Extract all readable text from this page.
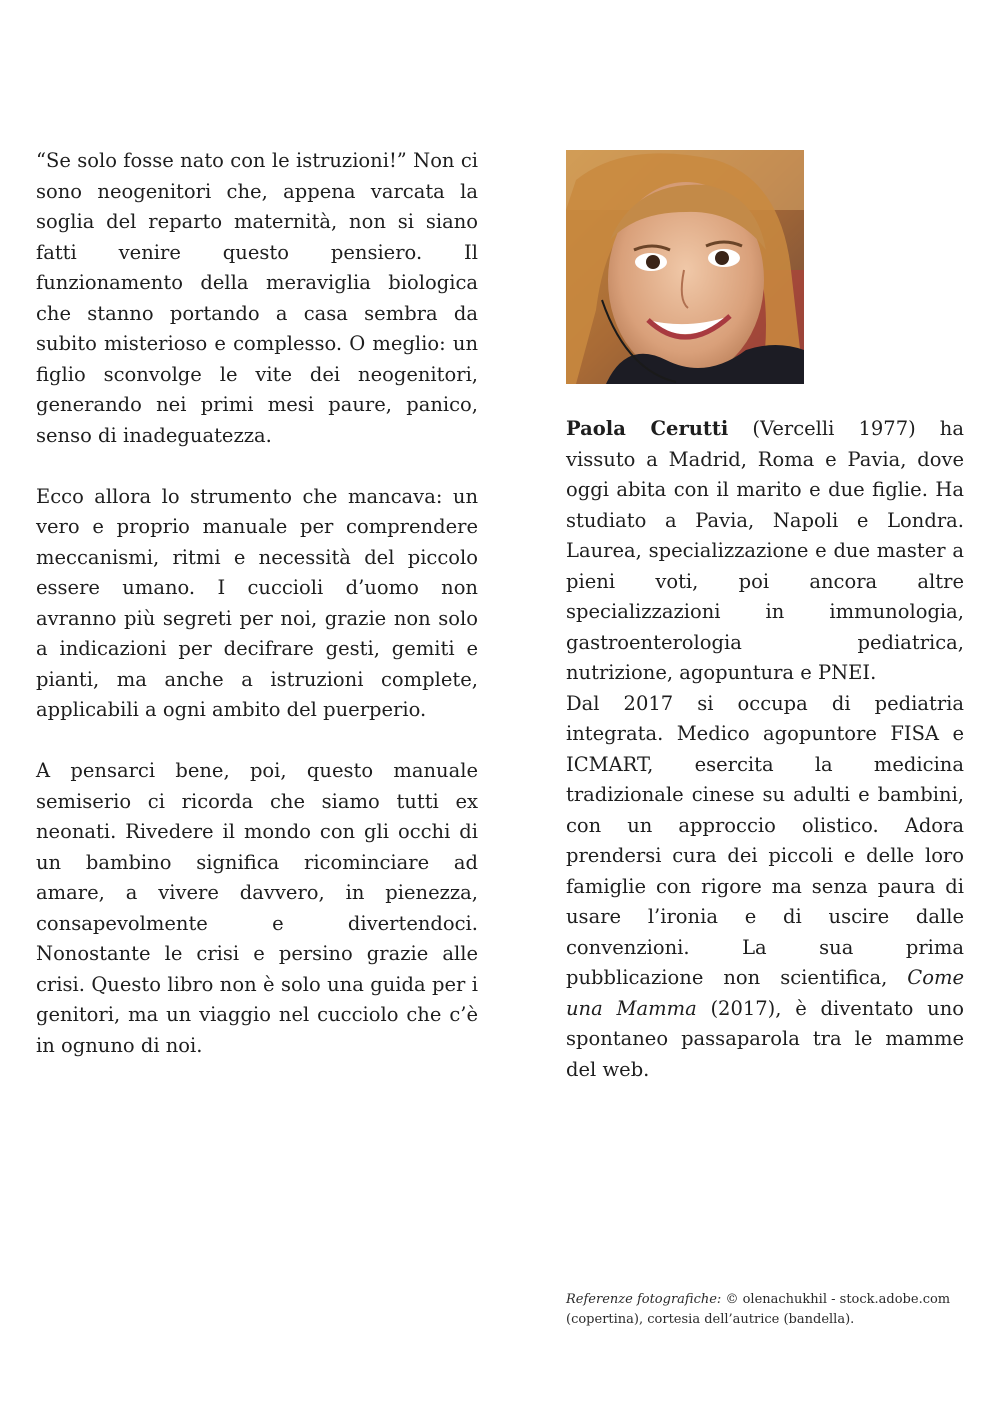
“Se solo fosse nato con le istruzioni!” Non ci sono neogenitori che, appena varcata la soglia del reparto maternità, non si siano fatti venire questo pensiero. Il funzionamento della meraviglia biologica che stanno portando a casa sembra da subito misterioso e complesso. O meglio: un figlio sconvolge le vite dei neogenitori, generando nei primi mesi paure, panico, senso di inadeguatezza.

Ecco allora lo strumento che mancava: un vero e proprio manuale per comprendere meccanismi, ritmi e necessità del piccolo essere umano. I cuccioli d’uomo non avranno più segreti per noi, grazie non solo a indicazioni per decifrare gesti, gemiti e pianti, ma anche a istruzioni complete, applicabili a ogni ambito del puerperio.

A pensarci bene, poi, questo manuale semiserio ci ricorda che siamo tutti ex neonati. Rivedere il mondo con gli occhi di un bambino significa ricominciare ad amare, a vivere davvero, in pienezza, consapevolmente e divertendoci. Nonostante le crisi e persino grazie alle crisi. Questo libro non è solo una guida per i genitori, ma un viaggio nel cucciolo che c’è in ognuno di noi.

Paola Cerutti (Vercelli 1977) ha vissuto a Madrid, Roma e Pavia, dove oggi abita con il marito e due figlie. Ha studiato a Pavia, Napoli e Londra. Laurea, specializzazione e due master a pieni voti, poi ancora altre specializzazioni in immunologia, gastroenterologia pediatrica, nutrizione, agopuntura e PNEI.
Dal 2017 si occupa di pediatria integrata. Medico agopuntore FISA e ICMART, esercita la medicina tradizionale cinese su adulti e bambini, con un approccio olistico. Adora prendersi cura dei piccoli e delle loro famiglie con rigore ma senza paura di usare l’ironia e di uscire dalle convenzioni. La sua prima pubblicazione non scientifica, Come una Mamma (2017), è diventato uno spontaneo passaparola tra le mamme del web.

Referenze fotografiche: © olenachukhil - stock.adobe.com (copertina), cortesia dell’autrice (bandella).
